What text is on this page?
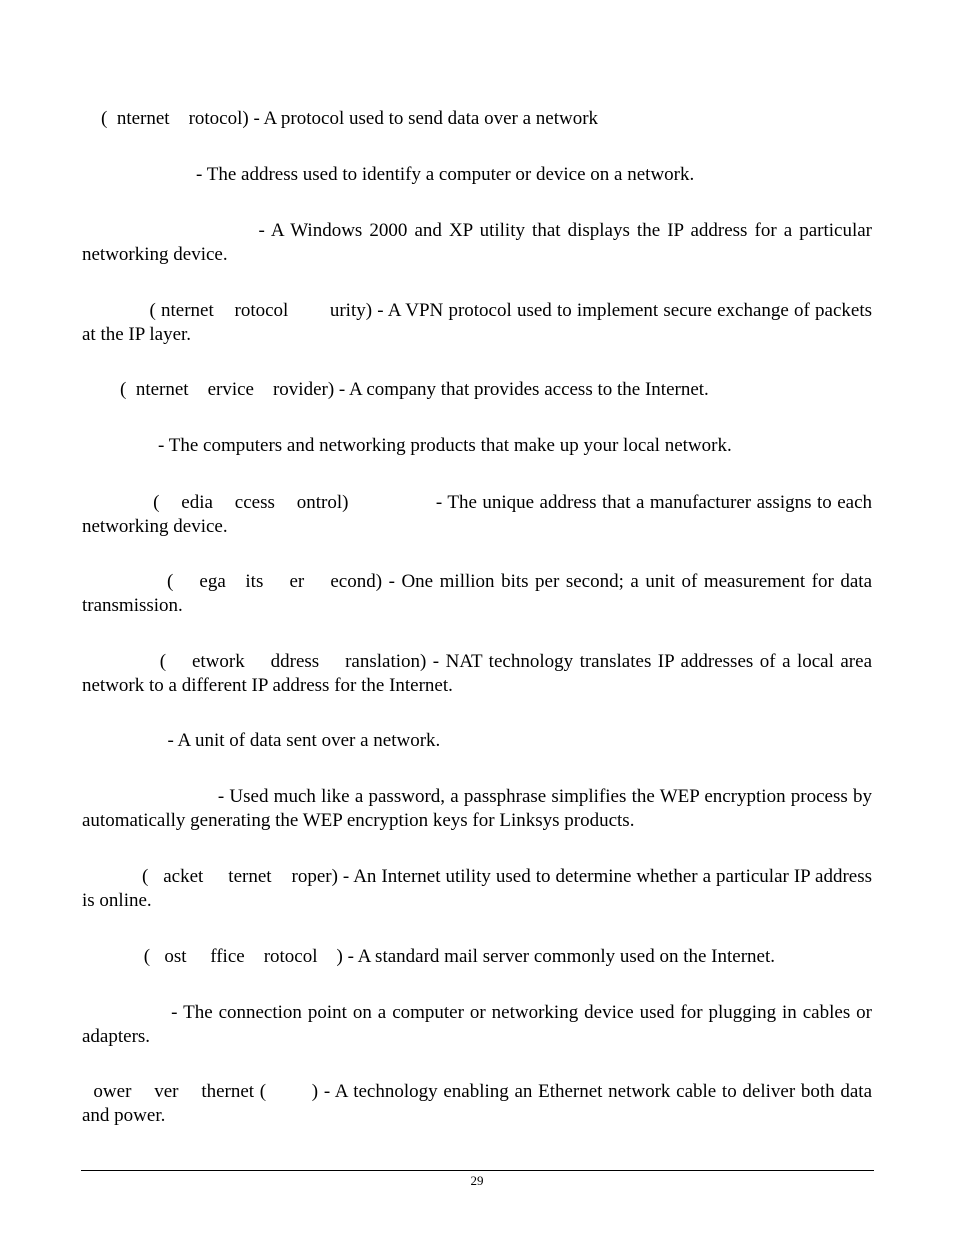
(  nternet    rotocol) - A protocol used to send data over a network

- The address used to identify a computer or device on a network.

- A Windows 2000 and XP utility that displays the IP address for a particular networking device.

( nternet    rotocol        urity) - A VPN protocol used to implement secure exchange of packets at the IP layer.

(  nternet    ervice    rovider) - A company that provides access to the Internet.

- The computers and networking products that make up your local network.

(    edia    ccess    ontrol)                - The unique address that a manufacturer assigns to each networking device.

(    ega   its    er    econd) - One million bits per second; a unit of measurement for data transmission.

(    etwork    ddress    ranslation) - NAT technology translates IP addresses of a local area network to a different IP address for the Internet.

- A unit of data sent over a network.

- Used much like a password, a passphrase simplifies the WEP encryption process by automatically generating the WEP encryption keys for Linksys products.

(   acket     ternet    roper) - An Internet utility used to determine whether a particular IP address is online.

(   ost     ffice    rotocol    ) - A standard mail server commonly used on the Internet.

- The connection point on a computer or networking device used for plugging in cables or adapters.

ower    ver    thernet (        ) - A technology enabling an Ethernet network cable to deliver both data and power.

29
